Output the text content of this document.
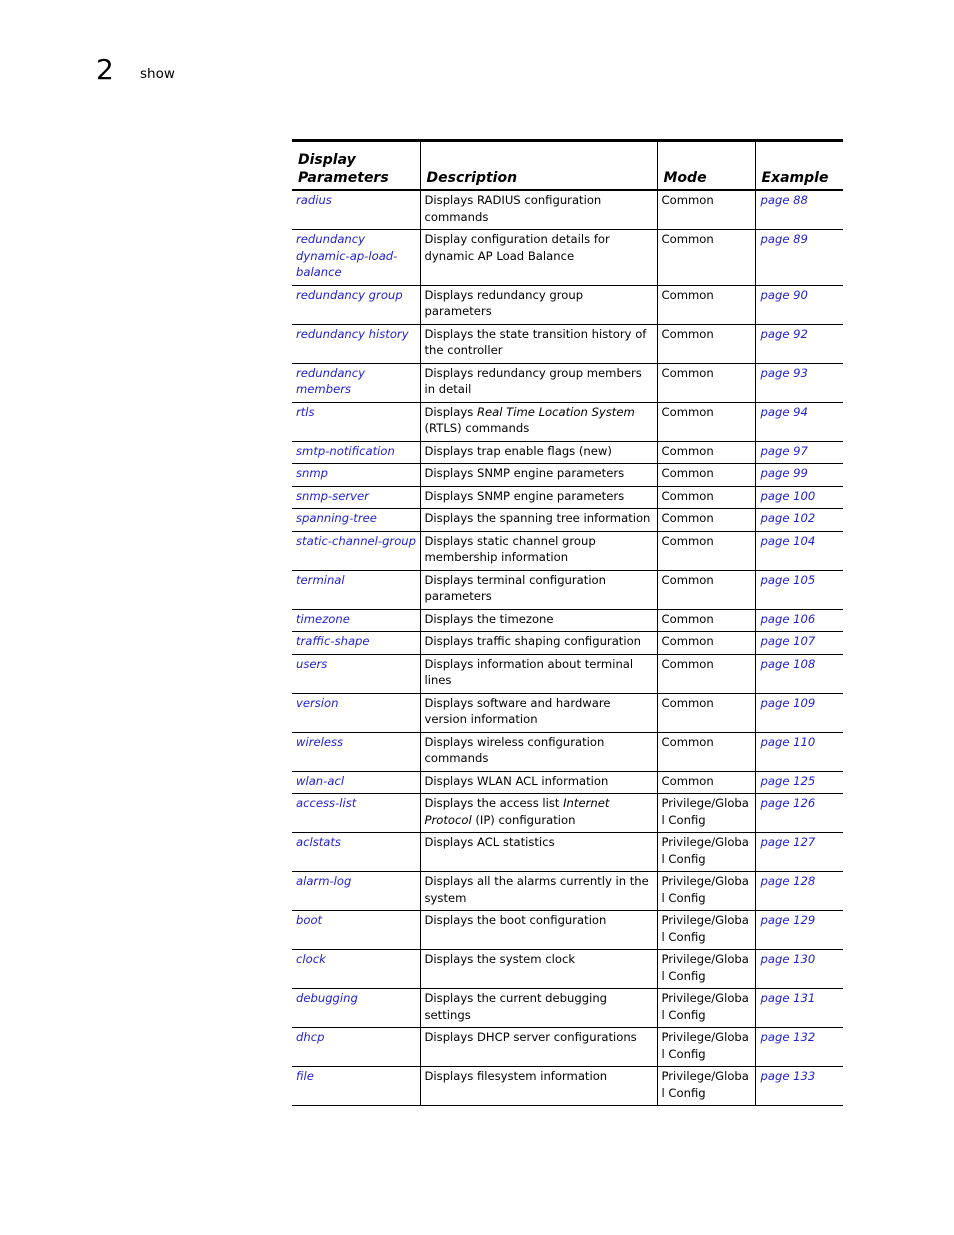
2 show
Display
Parameters	Description	Mode	Example
radius	Displays RADIUS configuration commands	Common	page 88
redundancy dynamic-ap-load-balance	Display configuration details for dynamic AP Load Balance	Common	page 89
redundancy group	Displays redundancy group parameters	Common	page 90
redundancy history	Displays the state transition history of the controller	Common	page 92
redundancy members	Displays redundancy group members in detail	Common	page 93
rtls	Displays Real Time Location System (RTLS) commands	Common	page 94
smtp-notification	Displays trap enable flags (new)	Common	page 97
snmp	Displays SNMP engine parameters	Common	page 99
snmp-server	Displays SNMP engine parameters	Common	page 100
spanning-tree	Displays the spanning tree information	Common	page 102
static-channel-group	Displays static channel group membership information	Common	page 104
terminal	Displays terminal configuration parameters	Common	page 105
timezone	Displays the timezone	Common	page 106
traffic-shape	Displays traffic shaping configuration	Common	page 107
users	Displays information about terminal lines	Common	page 108
version	Displays software and hardware version information	Common	page 109
wireless	Displays wireless configuration commands	Common	page 110
wlan-acl	Displays WLAN ACL information	Common	page 125
access-list	Displays the access list Internet Protocol (IP) configuration	Privilege/Global Config	page 126
aclstats	Displays ACL statistics	Privilege/Global Config	page 127
alarm-log	Displays all the alarms currently in the system	Privilege/Global Config	page 128
boot	Displays the boot configuration	Privilege/Global Config	page 129
clock	Displays the system clock	Privilege/Global Config	page 130
debugging	Displays the current debugging settings	Privilege/Global Config	page 131
dhcp	Displays DHCP server configurations	Privilege/Global Config	page 132
file	Displays filesystem information	Privilege/Global Config	page 133
